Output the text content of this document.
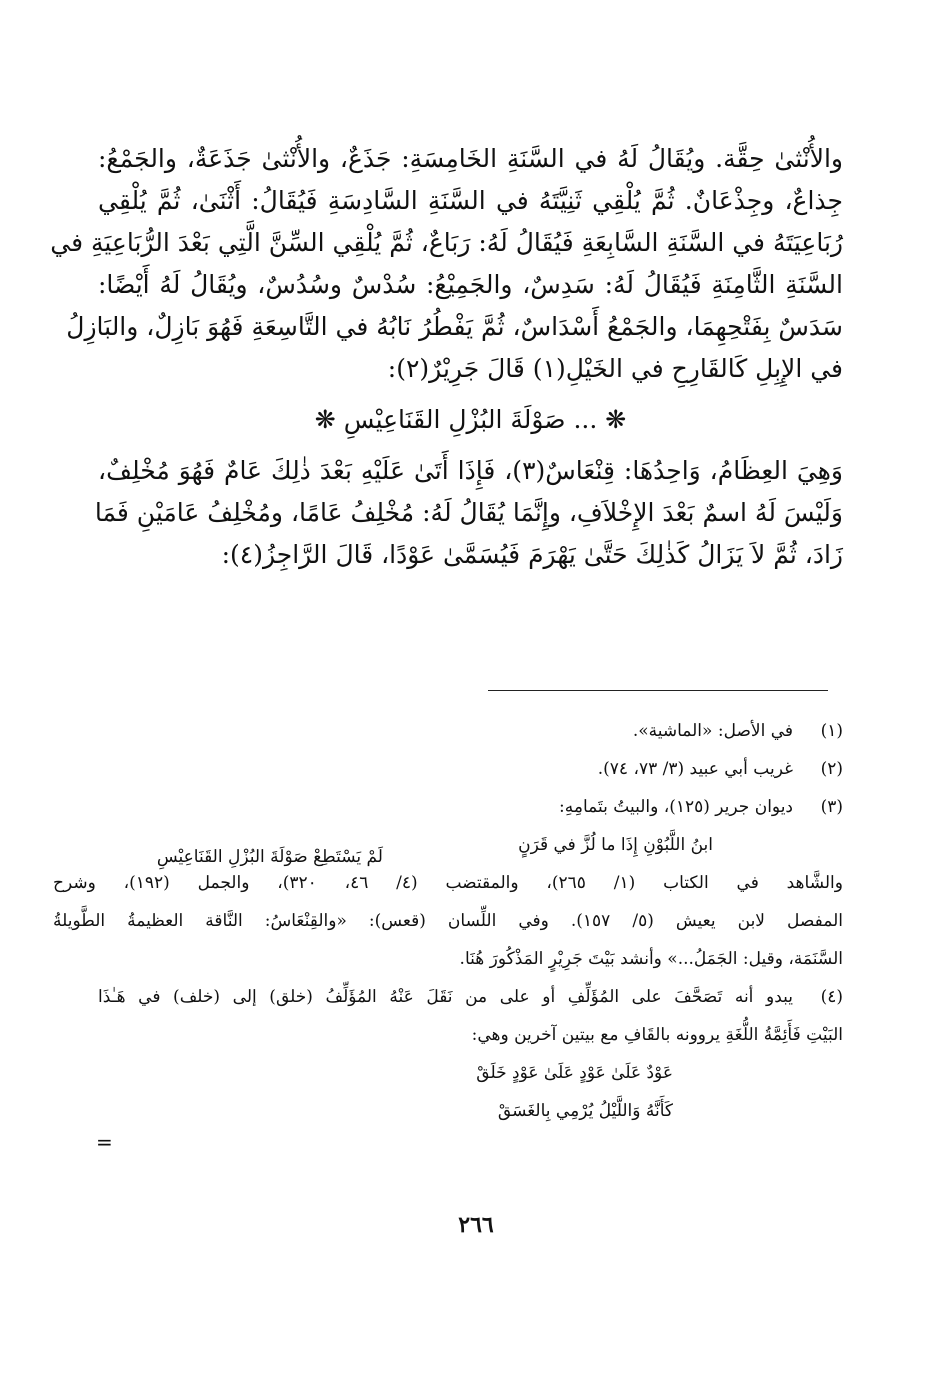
والأُنْثىٰ حِقَّة. ويُقَالُ لَهُ في السَّنَةِ الخَامِسَةِ: جَذَعٌ، والأُنْثىٰ جَذَعَةٌ، والجَمْعُ:
جِذاعٌ، وجِذْعَانٌ. ثُمَّ يُلْقِي ثَنِيَّتَهُ في السَّنَةِ السَّادِسَةِ فَيُقَالُ: أَثْنَىٰ، ثُمَّ يُلْقِي
رُبَاعِيَتَهُ في السَّنَةِ السَّابِعَةِ فَيُقَالُ لَهُ: رَبَاعٌ، ثُمَّ يُلْقِي السِّنَّ الَّتِي بَعْدَ الرُّبَاعِيَةِ في
السَّنَةِ الثَّامِنَةِ فَيُقَالُ لَهُ: سَدِسٌ، والجَمِيْعُ: سُدْسٌ وسُدُسٌ، ويُقَالُ لَهُ أَيْضًا:
سَدَسٌ بِفَتْحِهِمَا، والجَمْعُ أَسْدَاسٌ، ثُمَّ يَفْطُرُ نَابُهُ في التَّاسِعَةِ فَهُوَ بَازِلٌ، والبَازِلُ
في الإِبِلِ كَالقَارِحِ في الخَيْلِ(١) قَالَ جَرِيْرٌ(٢):
❋ ... صَوْلَةَ البُزْلِ القَنَاعِيْسِ ❋
وَهِيَ العِظَامُ، وَاحِدُهَا: قِنْعَاسٌ(٣)، فَإِذَا أَتَىٰ عَلَيْهِ بَعْدَ ذٰلِكَ عَامٌ فَهُوَ مُخْلِفٌ،
وَلَيْسَ لَهُ اسمٌ بَعْدَ الإِخْلاَفِ، وإِنَّمَا يُقَالُ لَهُ: مُخْلِفُ عَامًا، ومُخْلِفُ عَامَيْنِ فَمَا
زَادَ، ثُمَّ لاَ يَزَالُ كَذٰلِكَ حَتَّىٰ يَهْرَمَ فَيُسَمَّىٰ عَوْدًا، قَالَ الرَّاجِزُ(٤):
(١)
في الأصل: «الماشية».
(٢)
غريب أبي عبيد (٣/ ٧٣، ٧٤).
(٣)
ديوان جرير (١٢٥)، والبيتُ بتَمامِهِ:
ابنُ اللَّبُوْنِ إِذَا ما لُزَّ في قَرَنٍ
لَمْ يَسْتَطِعْ صَوْلَةَ البُزْلِ القَنَاعِيْسِ
والشَّاهد في الكتاب (١/ ٢٦٥)، والمقتضب (٤/ ٤٦، ٣٢٠)، والجمل (١٩٢)، وشرح
المفصل لابن يعيش (٥/ ١٥٧). وفي اللِّسان (قعس): «والقِنْعَاسُ: النَّاقة العظيمةُ الطَّويلةُ
السَّنَمَة، وقيل: الجَمَلُ...» وأنشد بَيْتَ جَرِيْرٍ المَذْكُورَ هُنَا.
(٤)
يبدو أنه تَصَحَّفَ على المُؤَلِّفِ أو على من نَقَلَ عَنْهُ المُؤَلِّفُ (خلق) إلى (خلف) في هَـٰذَا
البَيْتِ فَأَئِمَّةُ اللُّغَةِ يروونه بالقَافِ مع بيتين آخرين وهي:
عَوْدٌ عَلَىٰ عَوْدٍ عَلَىٰ عَوْدٍ خَلَقْ
كَأَنَّهُ وَاللَّيْلُ يُرْمِي بِالغَسَقْ
=
٢٦٦
